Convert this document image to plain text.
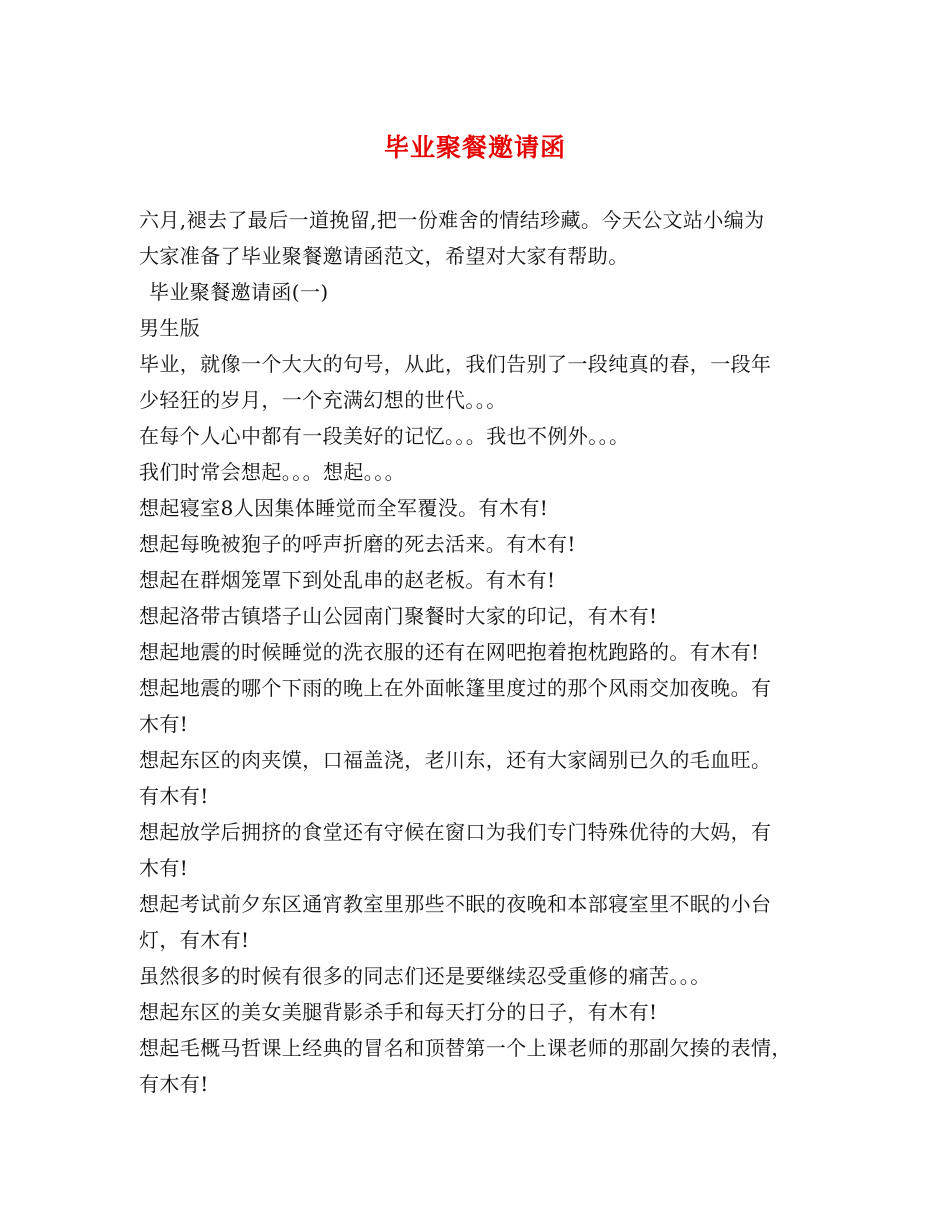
毕业聚餐邀请函
六月,褪去了最后一道挽留,把一份难舍的情结珍藏。今天公文站小编为
大家准备了毕业聚餐邀请函范文，希望对大家有帮助。
毕业聚餐邀请函(一)
男生版
毕业，就像一个大大的句号，从此，我们告别了一段纯真的春，一段年
少轻狂的岁月，一个充满幻想的世代。。。
在每个人心中都有一段美好的记忆。。。我也不例外。。。
我们时常会想起。。。想起。。。
想起寝室8人因集体睡觉而全军覆没。有木有!
想起每晚被狍子的呼声折磨的死去活来。有木有!
想起在群烟笼罩下到处乱串的赵老板。有木有!
想起洛带古镇塔子山公园南门聚餐时大家的印记，有木有!
想起地震的时候睡觉的洗衣服的还有在网吧抱着抱枕跑路的。有木有!
想起地震的哪个下雨的晚上在外面帐篷里度过的那个风雨交加夜晚。有
木有!
想起东区的肉夹馍，口福盖浇，老川东，还有大家阔别已久的毛血旺。
有木有!
想起放学后拥挤的食堂还有守候在窗口为我们专门特殊优待的大妈，有
木有!
想起考试前夕东区通宵教室里那些不眠的夜晚和本部寝室里不眠的小台
灯，有木有!
虽然很多的时候有很多的同志们还是要继续忍受重修的痛苦。。。
想起东区的美女美腿背影杀手和每天打分的日子，有木有!
想起毛概马哲课上经典的冒名和顶替第一个上课老师的那副欠揍的表情，
有木有!
